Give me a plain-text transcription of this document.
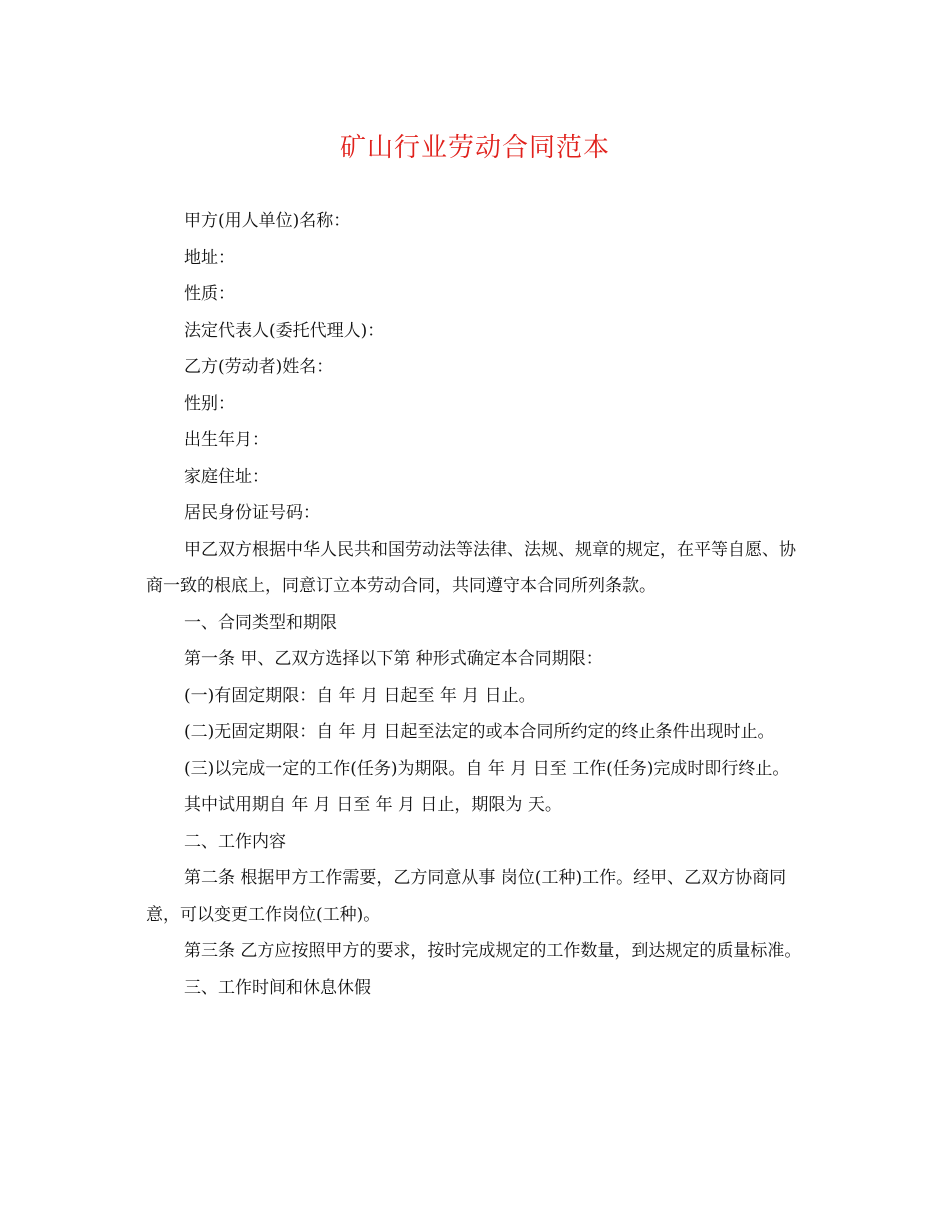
矿山行业劳动合同范本

甲方(用人单位)名称：

地址：

性质：

法定代表人(委托代理人)：

乙方(劳动者)姓名：

性别：

出生年月：

家庭住址：

居民身份证号码：

甲乙双方根据中华人民共和国劳动法等法律、法规、规章的规定，在平等自愿、协商一致的根底上，同意订立本劳动合同，共同遵守本合同所列条款。

一、合同类型和期限

第一条 甲、乙双方选择以下第 种形式确定本合同期限：

(一)有固定期限：自 年 月 日起至 年 月 日止。

(二)无固定期限：自 年 月 日起至法定的或本合同所约定的终止条件出现时止。

(三)以完成一定的工作(任务)为期限。自 年 月 日至 工作(任务)完成时即行终止。

其中试用期自 年 月 日至 年 月 日止，期限为 天。

二、工作内容

第二条 根据甲方工作需要，乙方同意从事 岗位(工种)工作。经甲、乙双方协商同意，可以变更工作岗位(工种)。

第三条 乙方应按照甲方的要求，按时完成规定的工作数量，到达规定的质量标准。

三、工作时间和休息休假
